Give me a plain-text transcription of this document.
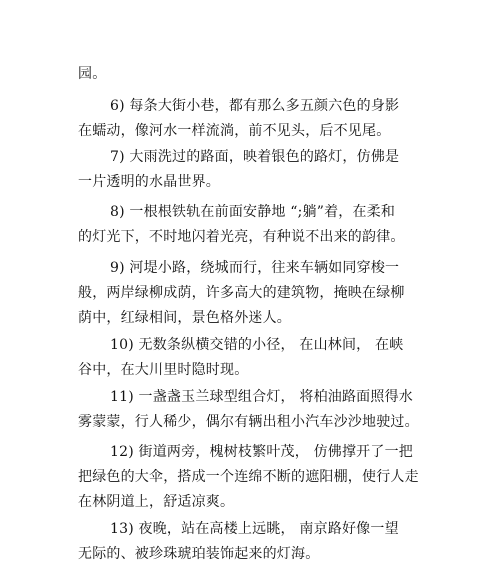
园。

6) 每条大街小巷，都有那么多五颜六色的身影
在蠕动，像河水一样流淌，前不见头，后不见尾。

7) 大雨洗过的路面，映着银色的路灯，仿佛是
一片透明的水晶世界。

8) 一根根铁轨在前面安静地 “;躺”着，在柔和
的灯光下，不时地闪着光亮，有种说不出来的韵律。

9) 河堤小路，绕城而行，往来车辆如同穿梭一
般，两岸绿柳成荫，许多高大的建筑物，掩映在绿柳
荫中，红绿相间，景色格外迷人。

10) 无数条纵横交错的小径， 在山林间， 在峡
谷中，在大川里时隐时现。

11) 一盏盏玉兰球型组合灯， 将柏油路面照得水
雾蒙蒙，行人稀少，偶尔有辆出租小汽车沙沙地驶过。

12) 街道两旁，槐树枝繁叶茂， 仿佛撑开了一把
把绿色的大伞，搭成一个连绵不断的遮阳棚，使行人走
在林阴道上，舒适凉爽。

13) 夜晚，站在高楼上远眺， 南京路好像一望
无际的、被珍珠琥珀装饰起来的灯海。
